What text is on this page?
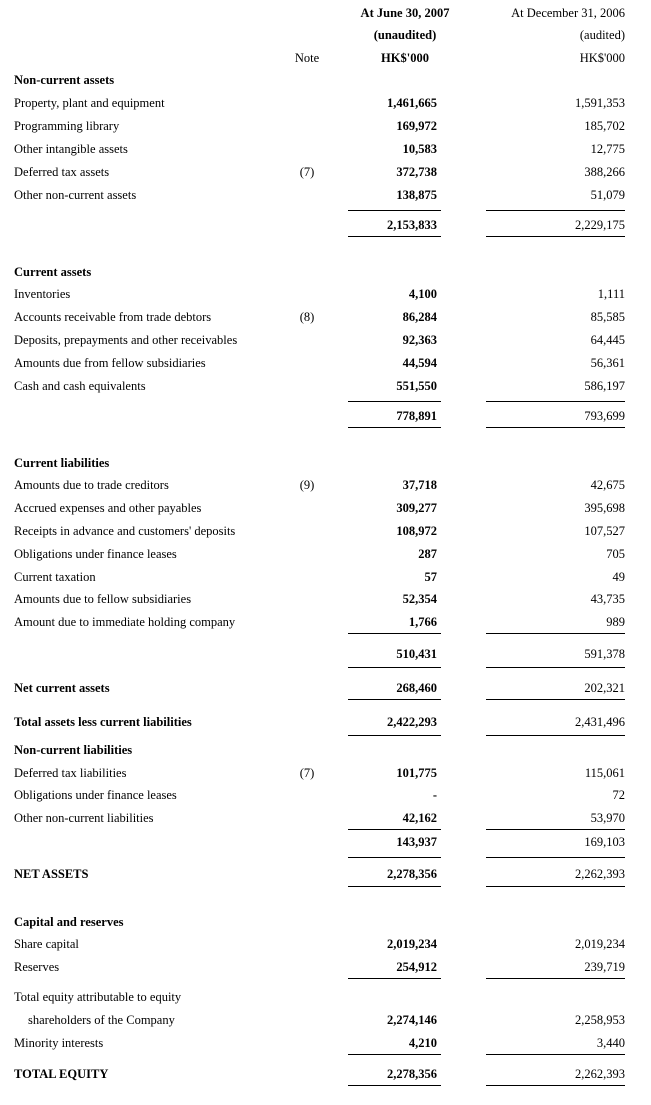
At June 30, 2007	At December 31, 2006
(unaudited)	(audited)
Note	HK$'000	HK$'000
Non-current assets
Property, plant and equipment	1,461,665	1,591,353
Programming library	169,972	185,702
Other intangible assets	10,583	12,775
Deferred tax assets	(7)	372,738	388,266
Other non-current assets	138,875	51,079
2,153,833	2,229,175
Current assets
Inventories	4,100	1,111
Accounts receivable from trade debtors	(8)	86,284	85,585
Deposits, prepayments and other receivables	92,363	64,445
Amounts due from fellow subsidiaries	44,594	56,361
Cash and cash equivalents	551,550	586,197
778,891	793,699
Current liabilities
Amounts due to trade creditors	(9)	37,718	42,675
Accrued expenses and other payables	309,277	395,698
Receipts in advance and customers' deposits	108,972	107,527
Obligations under finance leases	287	705
Current taxation	57	49
Amounts due to fellow subsidiaries	52,354	43,735
Amount due to immediate holding company	1,766	989
510,431	591,378
Net current assets	268,460	202,321
Total assets less current liabilities	2,422,293	2,431,496
Non-current liabilities
Deferred tax liabilities	(7)	101,775	115,061
Obligations under finance leases	-	72
Other non-current liabilities	42,162	53,970
143,937	169,103
NET ASSETS	2,278,356	2,262,393
Capital and reserves
Share capital	2,019,234	2,019,234
Reserves	254,912	239,719
Total equity attributable to equity
shareholders of the Company	2,274,146	2,258,953
Minority interests	4,210	3,440
TOTAL EQUITY	2,278,356	2,262,393
